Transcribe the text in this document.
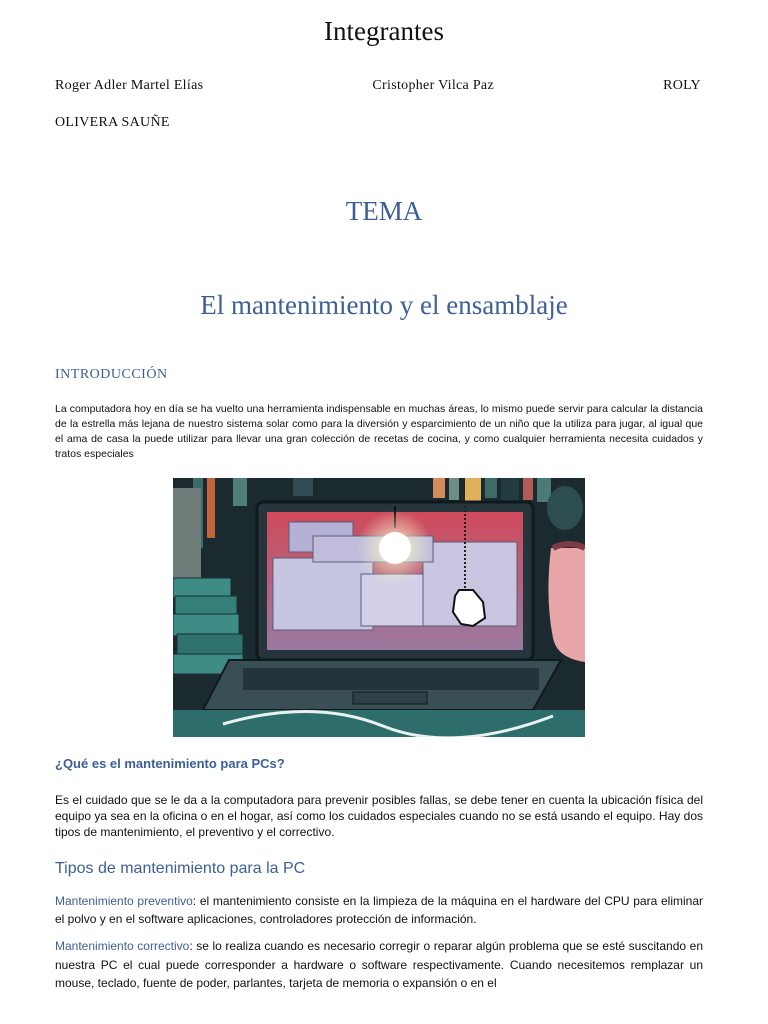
Integrantes
Roger Adler Martel Elías	Cristopher Vilca Paz	ROLY
OLIVERA SAUÑE
TEMA
El mantenimiento y el ensamblaje
INTRODUCCIÓN
La computadora hoy en día se ha vuelto una herramienta indispensable en muchas áreas, lo mismo puede servir para calcular la distancia de la estrella más lejana de nuestro sistema solar como para la diversión y esparcimiento de un niño que la utiliza para jugar, al igual que el ama de casa la puede utilizar para llevar una gran colección de recetas de cocina, y como cualquier herramienta necesita cuidados y tratos especiales
¿Qué es el mantenimiento para PCs?
Es el cuidado que se le da a la computadora para prevenir posibles fallas, se debe tener en cuenta la ubicación física del equipo ya sea en la oficina o en el hogar, así como los cuidados especiales cuando no se está usando el equipo. Hay dos tipos de mantenimiento, el preventivo y el correctivo.
Tipos de mantenimiento para la PC
Mantenimiento preventivo: el mantenimiento consiste en la limpieza de la máquina en el hardware del CPU para eliminar el polvo y en el software aplicaciones, controladores protección de información.
Mantenimiento correctivo: se lo realiza cuando es necesario corregir o reparar algún problema que se esté suscitando en nuestra PC el cual puede corresponder a hardware o software respectivamente. Cuando necesitemos remplazar un mouse, teclado, fuente de poder, parlantes, tarjeta de memoria o expansión o en el
